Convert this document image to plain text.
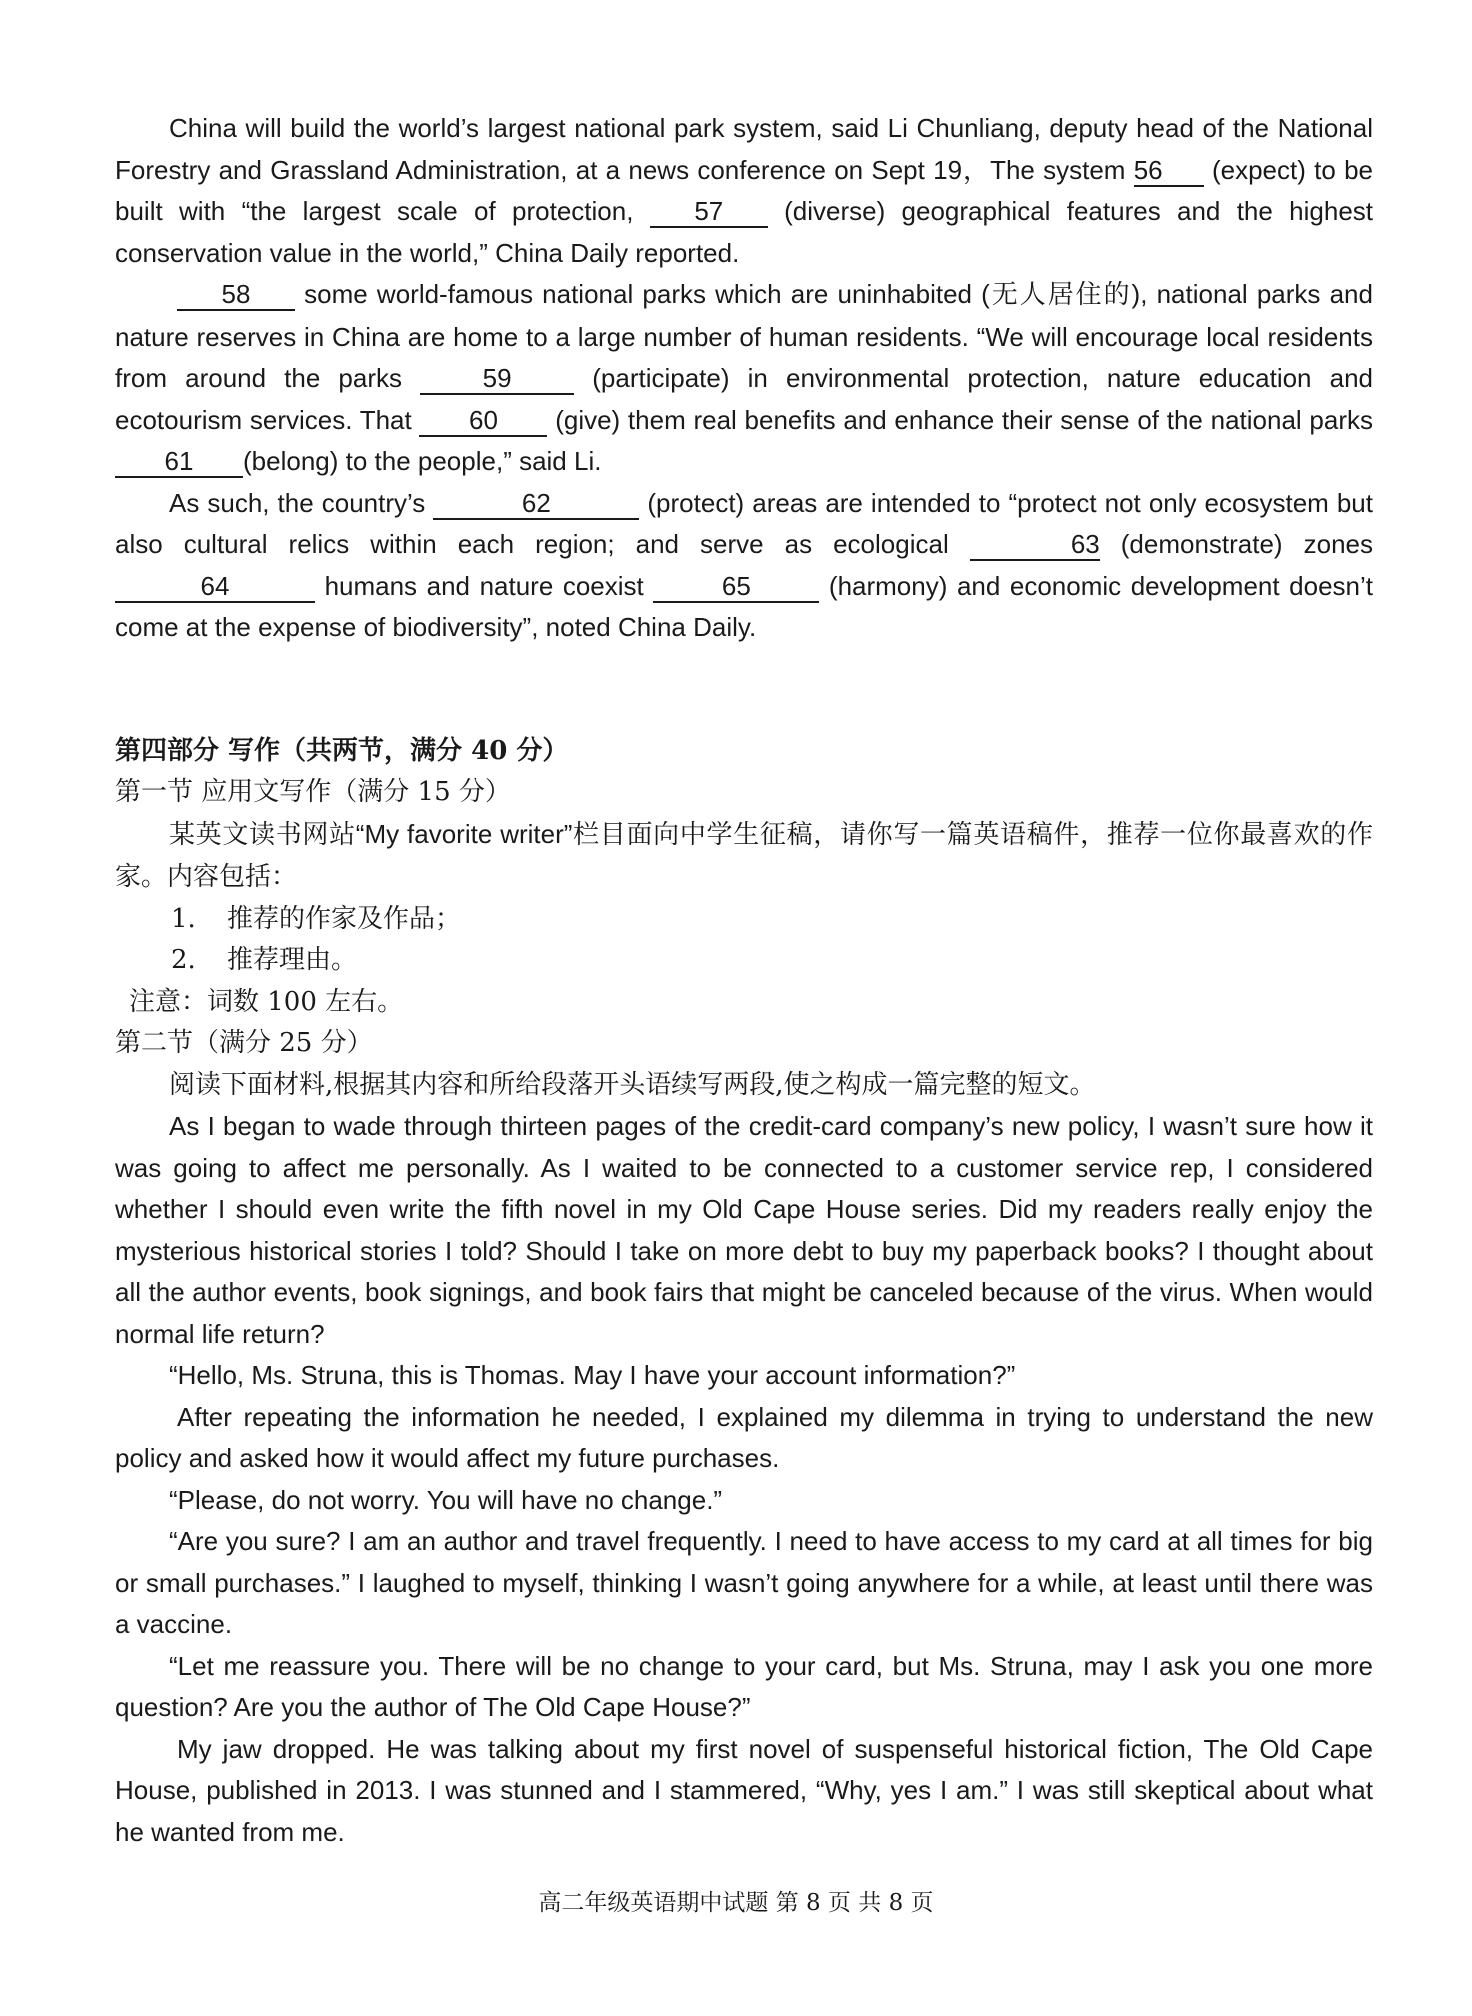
China will build the world’s largest national park system, said Li Chunliang, deputy head of the National Forestry and Grassland Administration, at a news conference on Sept 19，The system 56 (expect) to be built with “the largest scale of protection, 57 (diverse) geographical features and the highest conservation value in the world,” China Daily reported.

58 some world-famous national parks which are uninhabited (无人居住的), national parks and nature reserves in China are home to a large number of human residents. “We will encourage local residents from around the parks 59 (participate) in environmental protection, nature education and ecotourism services. That 60 (give) them real benefits and enhance their sense of the national parks 61 (belong) to the people,” said Li.

As such, the country’s	62	(protect) areas are intended to “protect not only ecosystem but also cultural relics within each region; and serve as ecological	63 (demonstrate) zones 64	humans and nature coexist	65	(harmony) and economic development doesn’t come at the expense of biodiversity”, noted China Daily.

第四部分 写作（共两节，满分 40 分）

第一节 应用文写作（满分 15 分）

某英文读书网站“My favorite writer”栏目面向中学生征稿，请你写一篇英语稿件，推荐一位你最喜欢的作家。内容包括：

1. 推荐的作家及作品；

2. 推荐理由。

注意：词数 100 左右。

第二节（满分 25 分）

阅读下面材料,根据其内容和所给段落开头语续写两段,使之构成一篇完整的短文。

As I began to wade through thirteen pages of the credit-card company’s new policy, I wasn’t sure how it was going to affect me personally. As I waited to be connected to a customer service rep, I considered whether I should even write the fifth novel in my Old Cape House series. Did my readers really enjoy the mysterious historical stories I told? Should I take on more debt to buy my paperback books? I thought about all the author events, book signings, and book fairs that might be canceled because of the virus. When would normal life return?

“Hello, Ms. Struna, this is Thomas. May I have your account information?”

After repeating the information he needed, I explained my dilemma in trying to understand the new policy and asked how it would affect my future purchases.

“Please, do not worry. You will have no change.”

“Are you sure? I am an author and travel frequently. I need to have access to my card at all times for big or small purchases.” I laughed to myself, thinking I wasn’t going anywhere for a while, at least until there was a vaccine.

“Let me reassure you. There will be no change to your card, but Ms. Struna, may I ask you one more question? Are you the author of The Old Cape House?”

My jaw dropped. He was talking about my first novel of suspenseful historical fiction, The Old Cape House, published in 2013. I was stunned and I stammered, “Why, yes I am.” I was still skeptical about what he wanted from me.

高二年级英语期中试题 第 8 页 共 8 页
